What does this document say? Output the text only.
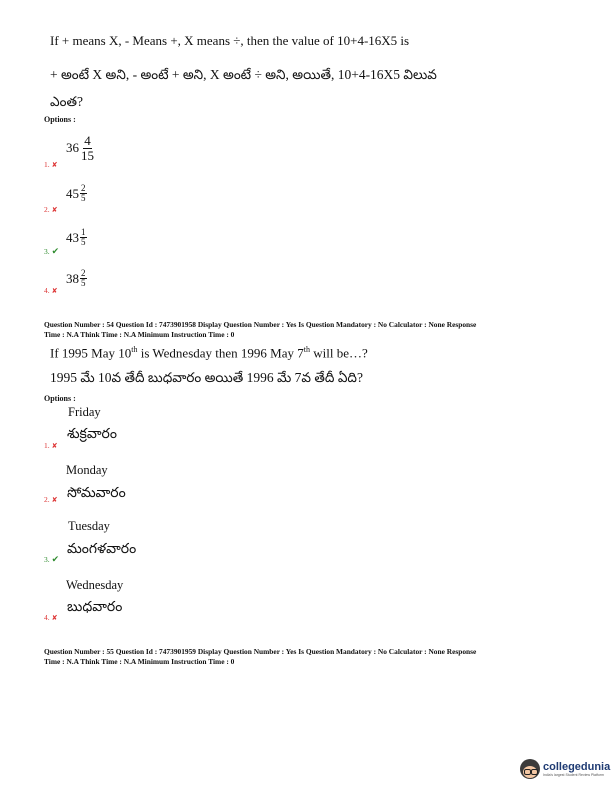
If + means X, - Means +, X means ÷, then the value of 10+4-16X5 is
+ అంటే X అని, - అంటే + అని, X అంటే ÷ అని, అయితే, 10+4-16X5 విలువ
ఎంత?
Options :
1. ✘
$36 \frac{4}{15}$
2. ✘
$45 \frac{2}{5}$
3. ✔
$43 \frac{1}{5}$
4. ✘
$38 \frac{2}{5}$
Question Number : 54 Question Id : 7473901958 Display Question Number : Yes Is Question Mandatory : No Calculator : None Response
Time : N.A Think Time : N.A Minimum Instruction Time : 0
If 1995 May 10th is Wednesday then 1996 May 7th will be…?
1995 మే 10వ తేదీ బుధవారం అయితే 1996 మే 7వ తేదీ ఏది?
Options :
Friday
1. ✘
శుక్రవారం
Monday
2. ✘ సోమవారం
Tuesday
3. ✔
మంగళవారం
Wednesday
4. ✘
బుధవారం
Question Number : 55 Question Id : 7473901959 Display Question Number : Yes Is Question Mandatory : No Calculator : None Response
Time : N.A Think Time : N.A Minimum Instruction Time : 0
collegedunia
India's largest Student Review Platform
